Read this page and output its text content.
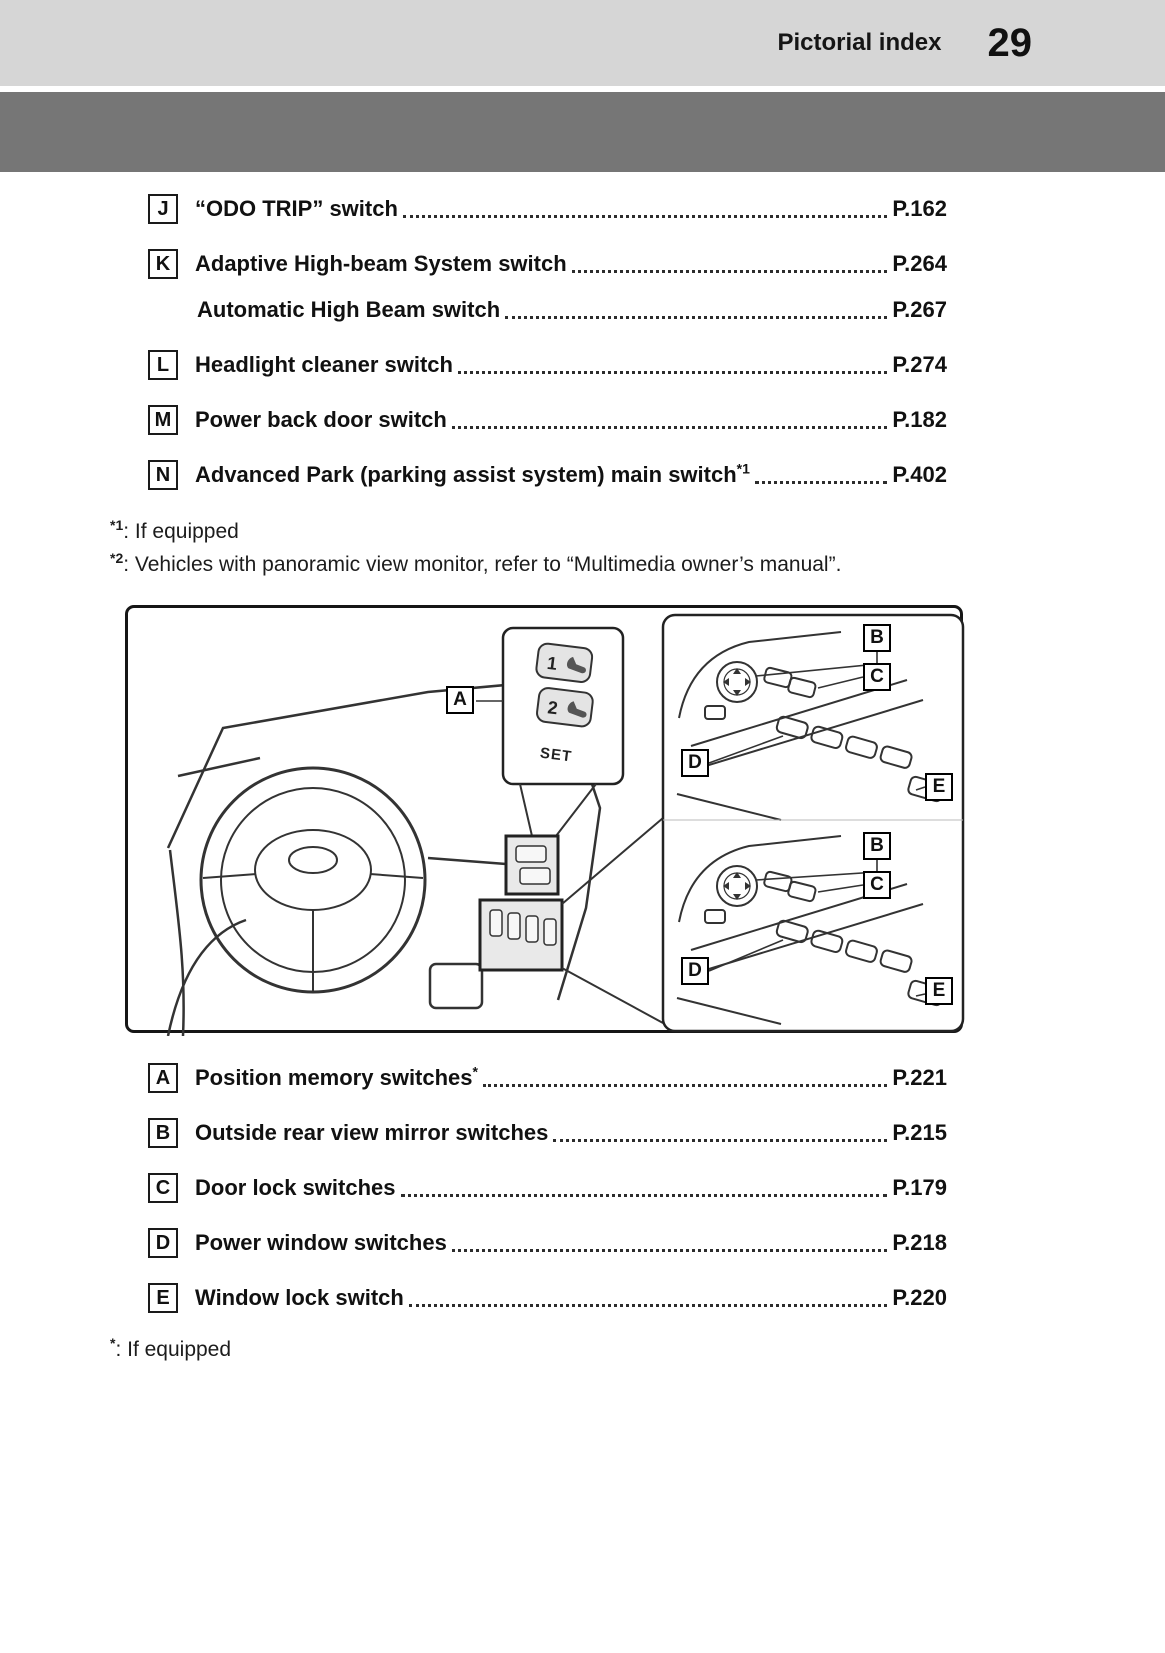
Pictorial index 29
J	“ODO TRIP” switch	P.162
K	Adaptive High-beam System switch	P.264
Automatic High Beam switch	P.267
L	Headlight cleaner switch	P.274
M	Power back door switch	P.182
N	Advanced Park (parking assist system) main switch$^{*1}$	P.402
$^{*1}$: If equipped
$^{*2}$: Vehicles with panoramic view monitor, refer to “Multimedia owner’s manual”.
1
2
SET
A
B
C
D
E
B
C
D
E
A	Position memory switches*	P.221
B	Outside rear view mirror switches	P.215
C	Door lock switches	P.179
D	Power window switches	P.218
E	Window lock switch	P.220
*: If equipped
